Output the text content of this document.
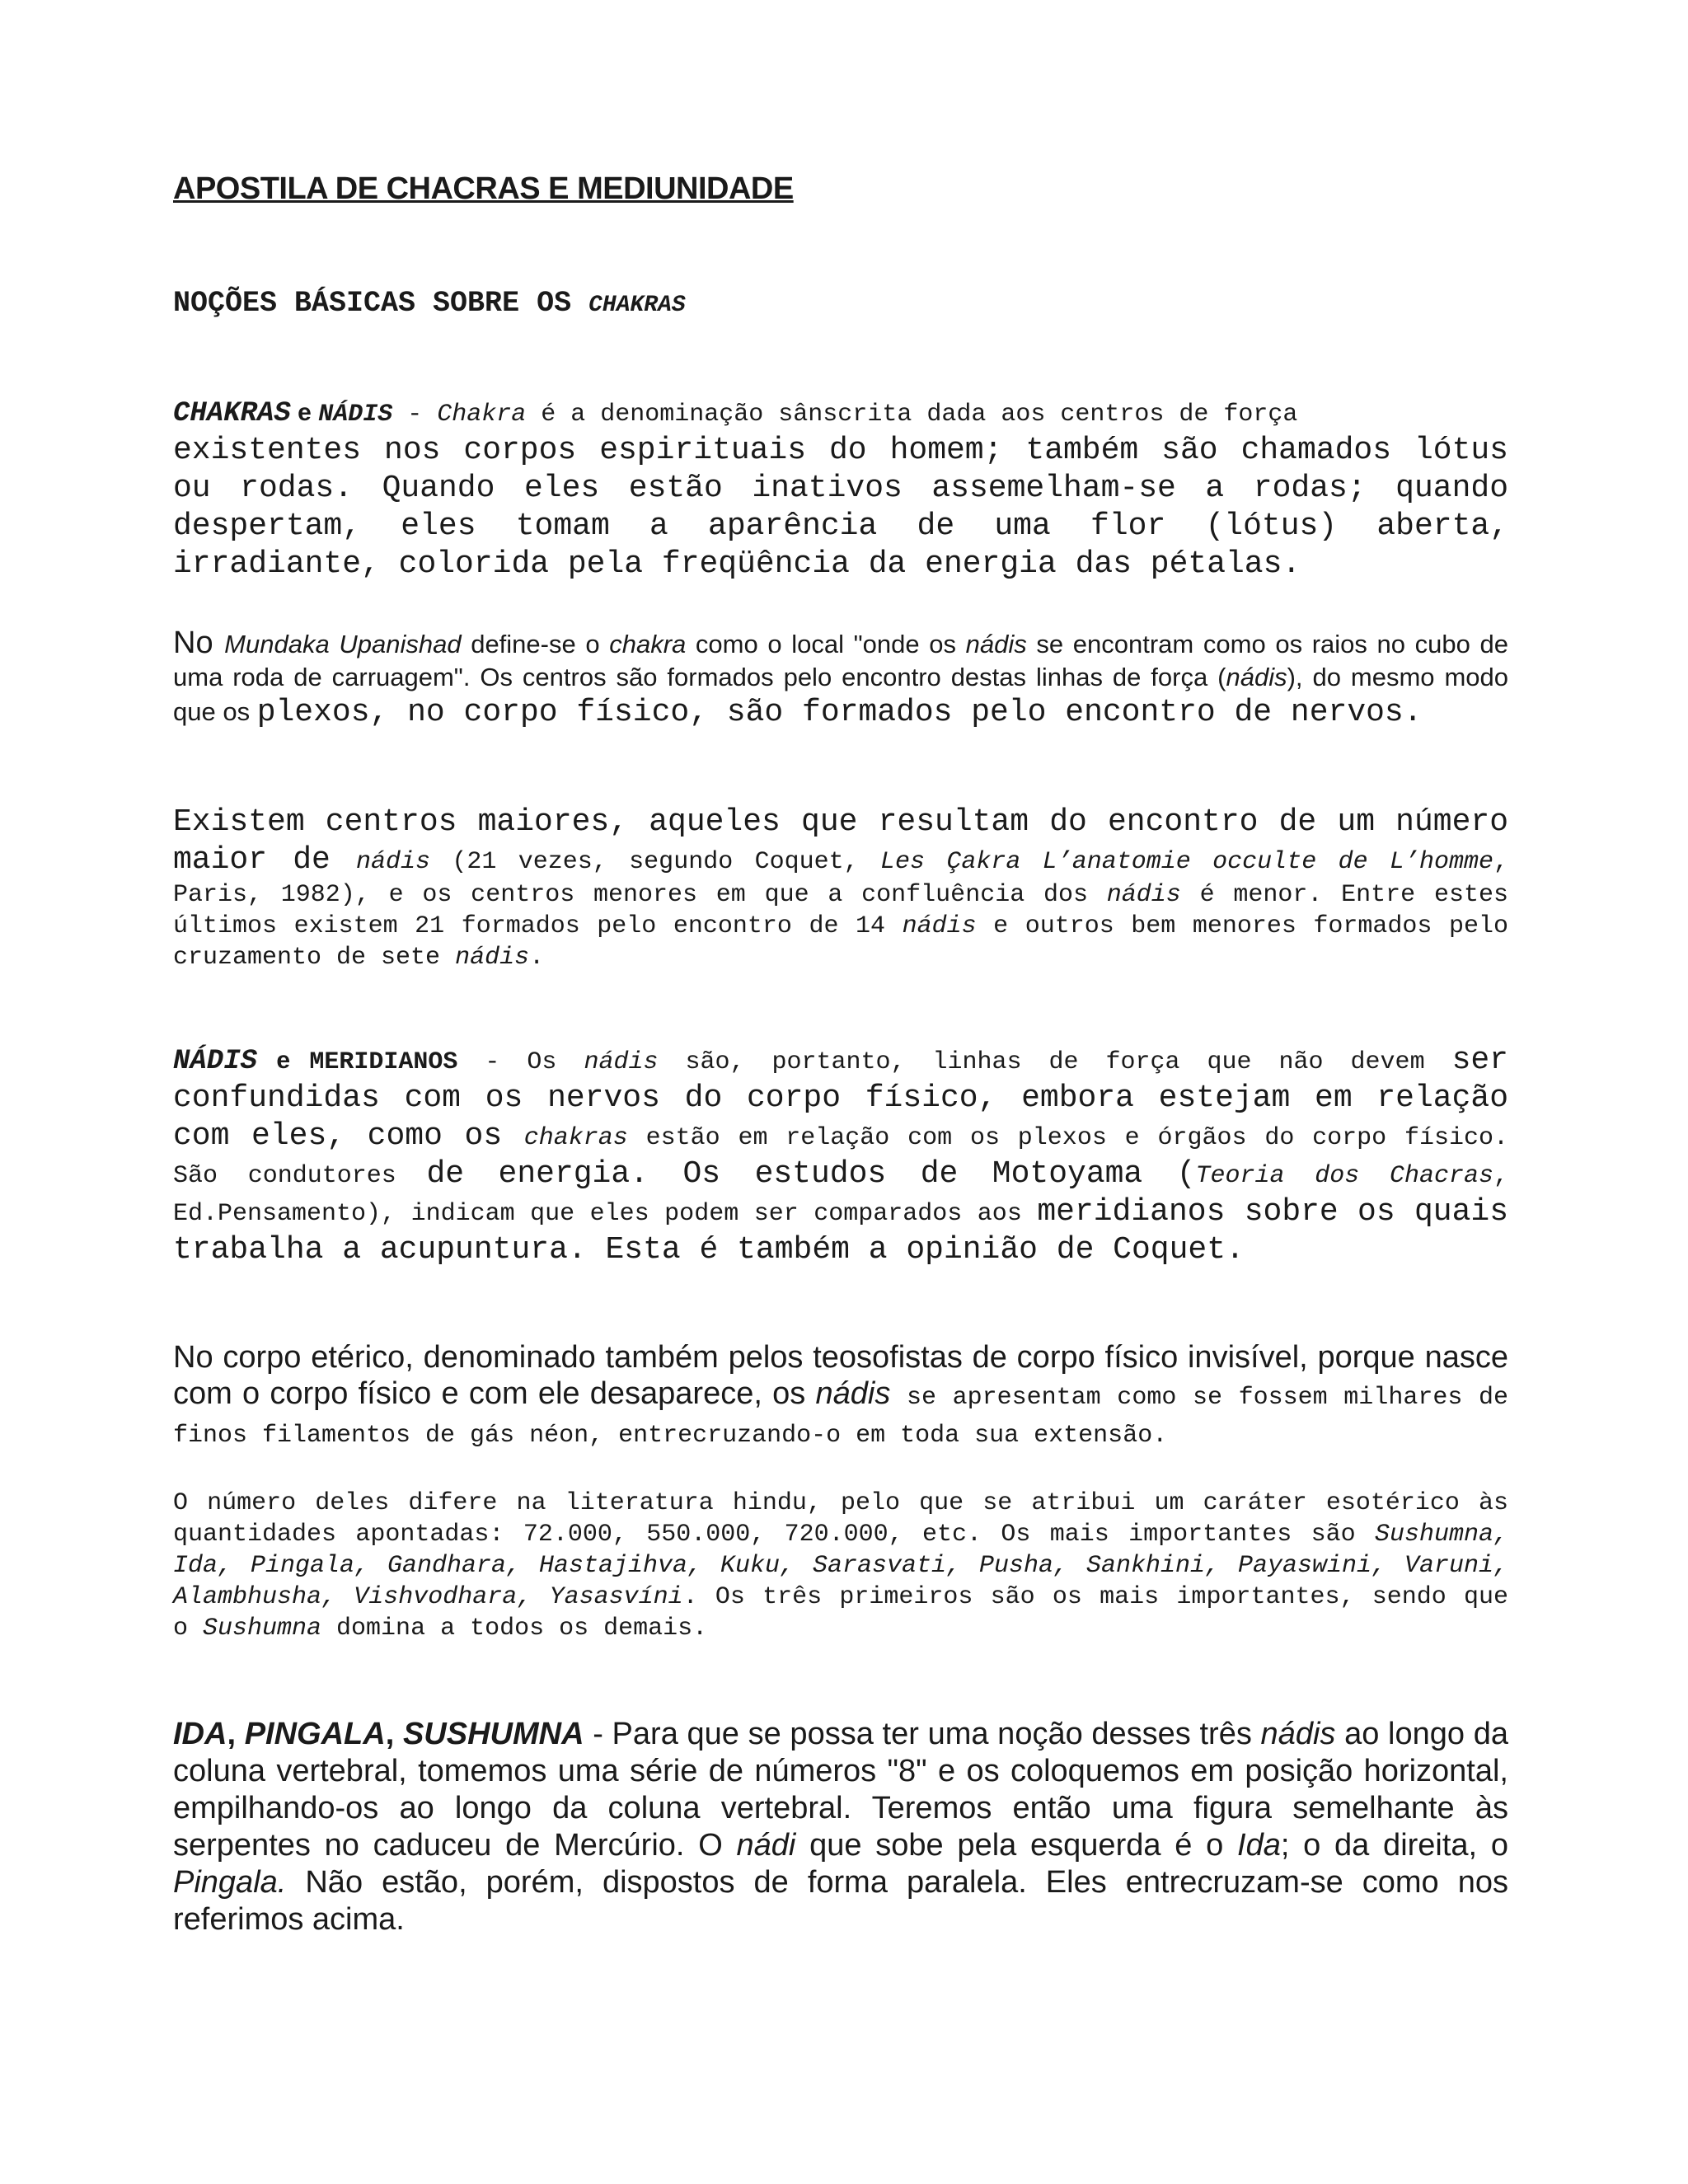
APOSTILA DE CHACRAS E MEDIUNIDADE
NOÇÕES BÁSICAS SOBRE OS CHAKRAS
CHAKRAS e NÁDIS - Chakra é a denominação sânscrita dada aos centros de força
existentes nos corpos espirituais do homem; também são chamados lótus ou rodas. Quando eles estão inativos assemelham-se a rodas; quando despertam, eles tomam a aparência de uma flor (lótus) aberta, irradiante, colorida pela freqüência da energia das pétalas.
No Mundaka Upanishad define-se o chakra como o local "onde os nádis se encontram como os raios no cubo de uma roda de carruagem". Os centros são formados pelo encontro destas linhas de força (nádis), do mesmo modo que os plexos, no corpo físico, são formados pelo encontro de nervos.
Existem centros maiores, aqueles que resultam do encontro de um número maior de nádis (21 vezes, segundo Coquet, Les Çakra L’anatomie occulte de L’homme, Paris, 1982), e os centros menores em que a confluência dos nádis é menor. Entre estes últimos existem 21 formados pelo encontro de 14 nádis e outros bem menores formados pelo cruzamento de sete nádis.
NÁDIS e MERIDIANOS - Os nádis são, portanto, linhas de força que não devem ser confundidas com os nervos do corpo físico, embora estejam em relação com eles, como os chakras estão em relação com os plexos e órgãos do corpo físico. São condutores de energia. Os estudos de Motoyama (Teoria dos Chacras, Ed.Pensamento), indicam que eles podem ser comparados aos meridianos sobre os quais trabalha a acupuntura. Esta é também a opinião de Coquet.
No corpo etérico, denominado também pelos teosofistas de corpo físico invisível, porque nasce com o corpo físico e com ele desaparece, os nádis se apresentam como se fossem milhares de finos filamentos de gás néon, entrecruzando-o em toda sua extensão.
O número deles difere na literatura hindu, pelo que se atribui um caráter esotérico às quantidades apontadas: 72.000, 550.000, 720.000, etc. Os mais importantes são Sushumna, Ida, Pingala, Gandhara, Hastajihva, Kuku, Sarasvati, Pusha, Sankhini, Payaswini, Varuni, Alambhusha, Vishvodhara, Yasasvíni. Os três primeiros são os mais importantes, sendo que o Sushumna domina a todos os demais.
IDA, PINGALA, SUSHUMNA - Para que se possa ter uma noção desses três nádis ao longo da coluna vertebral, tomemos uma série de números "8" e os coloquemos em posição horizontal, empilhando-os ao longo da coluna vertebral. Teremos então uma figura semelhante às serpentes no caduceu de Mercúrio. O nádi que sobe pela esquerda é o Ida; o da direita, o Pingala. Não estão, porém, dispostos de forma paralela. Eles entrecruzam-se como nos referimos acima.
